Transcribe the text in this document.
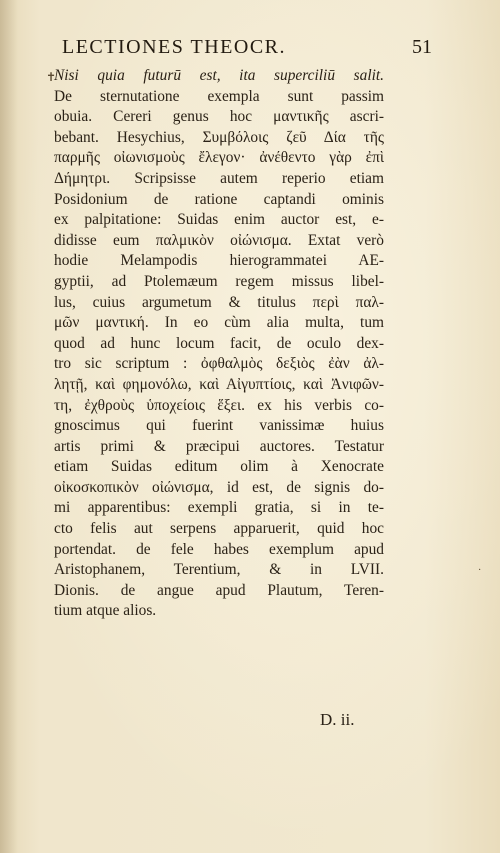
LECTIONES THEOCR.	51
✝
·
Nisi quia futurū est, ita superciliū salit.
De sternutatione exempla sunt passim
obuia. Cereri genus hoc μαντικῆς ascri-
bebant. Hesychius, Συμβόλοις ζεῦ Δία τῆς
παρμῆς οἰωνισμοὺς ἔλεγον· ἀνέθεντο γὰρ ἐπὶ
Δήμητρι. Scripsisse autem reperio etiam
Posidonium de ratione captandi ominis
ex palpitatione: Suidas enim auctor est, e-
didisse eum παλμικὸν οἰώνισμα. Extat verò
hodie Melampodis hierogrammatei AE-
gyptii, ad Ptolemæum regem missus libel-
lus, cuius argumetum & titulus περὶ παλ-
μῶν μαντική. In eo cùm alia multa, tum
quod ad hunc locum facit, de oculo dex-
tro sic scriptum : ὀφθαλμὸς δεξιὸς ἐὰν ἀλ-
λητῇ, καὶ φημονόλω, καὶ Αἰγυπτίοις, καὶ Ἀνιφῶν-
τη, ἐχθροὺς ὑποχείοις ἕξει. ex his verbis co-
gnoscimus qui fuerint vanissimæ huius
artis primi & præcipui auctores. Testatur
etiam Suidas editum olim à Xenocrate
οἰκοσκοπικὸν οἰώνισμα, id est, de signis do-
mi apparentibus: exempli gratia, si in te-
cto felis aut serpens apparuerit, quid hoc
portendat. de fele habes exemplum apud
Aristophanem, Terentium, & in LVII.
Dionis. de angue apud Plautum, Teren-
tium atque alios.
D. ii.
